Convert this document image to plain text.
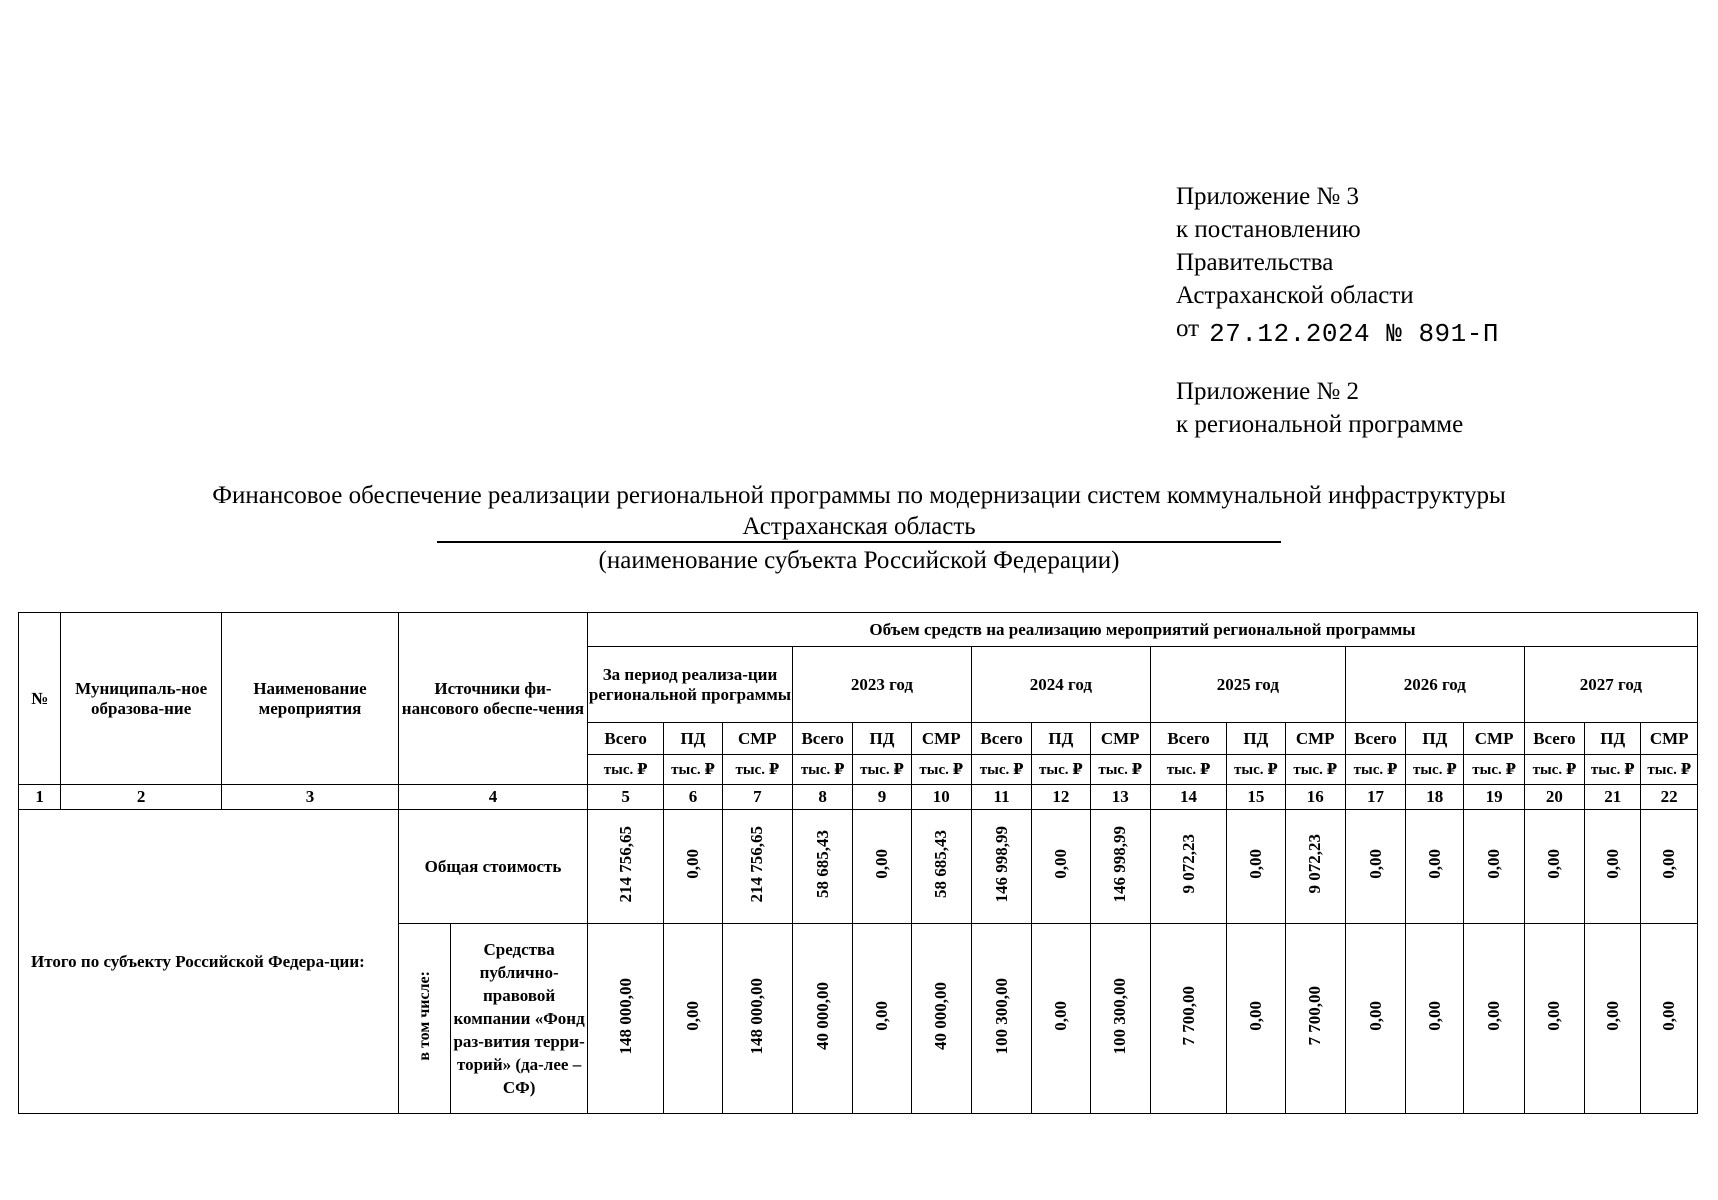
Приложение № 3
к постановлению
Правительства
Астраханской области
от 27.12.2024 № 891-П
Приложение № 2
к региональной программе
Финансовое обеспечение реализации региональной программы по модернизации систем коммунальной инфраструктуры
Астраханская область
(наименование субъекта Российской Федерации)
№	Муниципаль-ное образова-ние	Наименование мероприятия	Источники фи-нансового обеспе-чения		Объем средств на реализацию мероприятий региональной программы																	
					За период реализа-ции региональной программы			2023 год			2024 год			2025 год			2026 год			2027 год		
					Всего	ПД	СМР	Всего	ПД	СМР	Всего	ПД	СМР	Всего	ПД	СМР	Всего	ПД	СМР	Всего	ПД	СМР
					тыс. ₽	тыс. ₽	тыс. ₽	тыс. ₽	тыс. ₽	тыс. ₽	тыс. ₽	тыс. ₽	тыс. ₽	тыс. ₽	тыс. ₽	тыс. ₽	тыс. ₽	тыс. ₽	тыс. ₽	тыс. ₽	тыс. ₽	тыс. ₽
1	2	3	4		5	6	7	8	9	10	11	12	13	14	15	16	17	18	19	20	21	22
Итого по субъекту Российской Федера-ции:			Общая стоимость		214 756,65	0,00	214 756,65	58 685,43	0,00	58 685,43	146 998,99	0,00	146 998,99	9 072,23	0,00	9 072,23	0,00	0,00	0,00	0,00	0,00	0,00
			в том числе:	Средства публично-правовой компании «Фонд раз-вития терри-торий» (да-лее – СФ)	148 000,00	0,00	148 000,00	40 000,00	0,00	40 000,00	100 300,00	0,00	100 300,00	7 700,00	0,00	7 700,00	0,00	0,00	0,00	0,00	0,00	0,00
